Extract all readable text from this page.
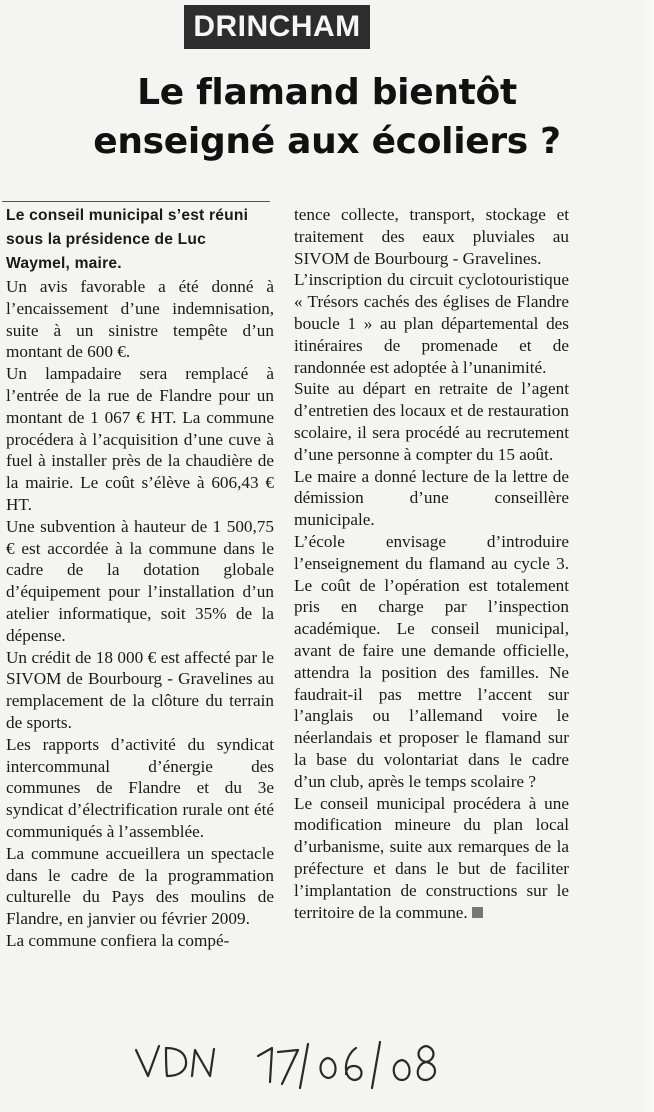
DRINCHAM
Le flamand bientôt
enseigné aux écoliers ?

Le conseil municipal s’est réuni sous la présidence de Luc Waymel, maire.

Un avis favorable a été donné à l’encaissement d’une indemnisation, suite à un sinistre tempête d’un montant de 600 €.

Un lampadaire sera remplacé à l’entrée de la rue de Flandre pour un montant de 1 067 € HT. La commune procédera à l’acquisition d’une cuve à fuel à installer près de la chaudière de la mairie. Le coût s’élève à 606,43 € HT.

Une subvention à hauteur de 1 500,75 € est accordée à la commune dans le cadre de la dotation globale d’équipement pour l’installation d’un atelier informatique, soit 35% de la dépense.

Un crédit de 18 000 € est affecté par le SIVOM de Bourbourg - Gravelines au remplacement de la clôture du terrain de sports.

Les rapports d’activité du syndicat intercommunal d’énergie des communes de Flandre et du 3e syndicat d’électrification rurale ont été communiqués à l’assemblée.

La commune accueillera un spectacle dans le cadre de la programmation culturelle du Pays des moulins de Flandre, en janvier ou février 2009.

La commune confiera la compé-

tence collecte, transport, stockage et traitement des eaux pluviales au SIVOM de Bourbourg - Gravelines.

L’inscription du circuit cyclotouristique « Trésors cachés des églises de Flandre boucle 1 » au plan départemental des itinéraires de promenade et de randonnée est adoptée à l’unanimité.

Suite au départ en retraite de l’agent d’entretien des locaux et de restauration scolaire, il sera procédé au recrutement d’une personne à compter du 15 août.

Le maire a donné lecture de la lettre de démission d’une conseillère municipale.

L’école envisage d’introduire l’enseignement du flamand au cycle 3. Le coût de l’opération est totalement pris en charge par l’inspection académique. Le conseil municipal, avant de faire une demande officielle, attendra la position des familles. Ne faudrait-il pas mettre l’accent sur l’anglais ou l’allemand voire le néerlandais et proposer le flamand sur la base du volontariat dans le cadre d’un club, après le temps scolaire ?

Le conseil municipal procédera à une modification mineure du plan local d’urbanisme, suite aux remarques de la préfecture et dans le but de faciliter l’implantation de constructions sur le territoire de la commune.
